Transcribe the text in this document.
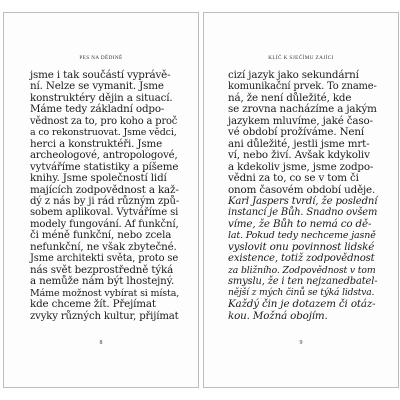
PES NA DĚDINĚ
jsme i tak součástí vyprávě-
ní. Nelze se vymanit. Jsme
konstruktéry dějin a situací.
Máme tedy základní odpo-
vědnost za to, pro koho a proč
a co rekonstruovat. Jsme vědci,
herci a konstruktéři. Jsme
archeologové, antropologové,
vytváříme statistiky a píšeme
knihy. Jsme společností lidí
majících zodpovědnost a kaž-
dý z nás by ji rád různým způ-
sobem aplikoval. Vytváříme si
modely fungování. Af funkční,
či méně funkční, nebo zcela
nefunkční, ne však zbytečné.
Jsme architekti světa, proto se
nás svět bezprostředně týká
a nemůže nám být lhostejný.
Máme možnost vybírat si místa,
kde chceme žít. Přejímat
zvyky různých kultur, přijímat
8
KLÍČ K SJEČÍMU ZAJÍCI
cizí jazyk jako sekundární
komunikační prvek. To zname-
ná, že není důležité, kde
se zrovna nacházíme a jakým
jazykem mluvíme, jaké časo-
vé období prožíváme. Není
ani důležité, jestli jsme mrt-
ví, nebo živí. Avšak kdykoliv
a kdekoliv jsme, jsme zodpo-
vědni za to, co se v tom či
onom časovém období uděje.
Karl Jaspers tvrdí, že poslední
instancí je Bůh. Snadno ovšem
víme, že Bůh to nemá co dě-
lat. Pokud tedy nechceme jasně
vyslovit onu povinnost lidské
existence, totiž zodpovědnost
za bližního. Zodpovědnost v tom
smyslu, že i ten nejzanedbatel-
nější z mých činů se týká lidstva.
Každý čin je dotazem či otáz-
kou. Možná obojím.
9
